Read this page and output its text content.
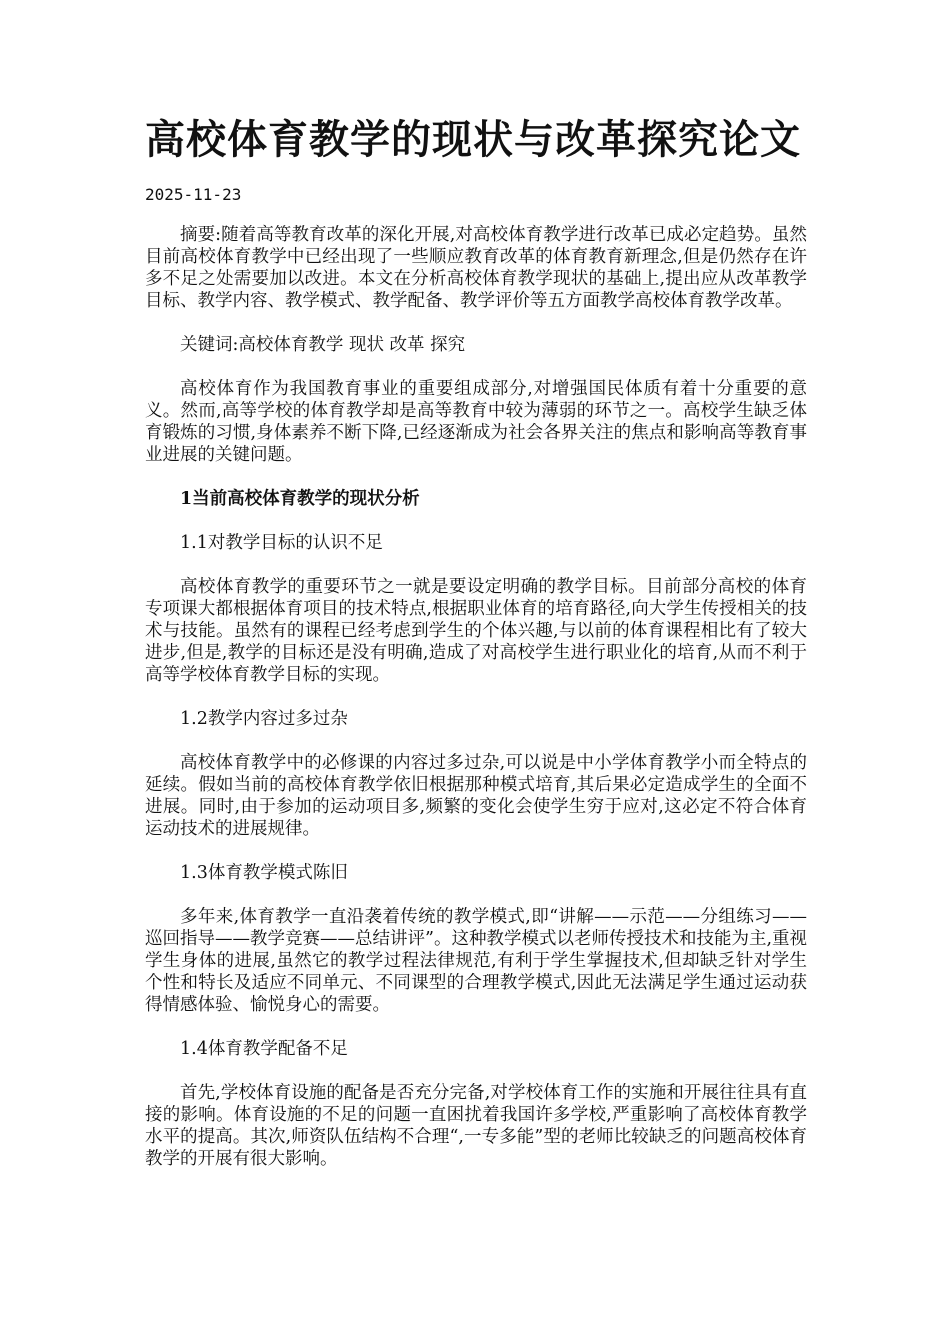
高校体育教学的现状与改革探究论文
2025-11-23

摘要:随着高等教育改革的深化开展,对高校体育教学进行改革已成必定趋势。虽然目前高校体育教学中已经出现了一些顺应教育改革的体育教育新理念,但是仍然存在许多不足之处需要加以改进。本文在分析高校体育教学现状的基础上,提出应从改革教学目标、教学内容、教学模式、教学配备、教学评价等五方面教学高校体育教学改革。

关键词:高校体育教学 现状 改革 探究

高校体育作为我国教育事业的重要组成部分,对增强国民体质有着十分重要的意义。然而,高等学校的体育教学却是高等教育中较为薄弱的环节之一。高校学生缺乏体育锻炼的习惯,身体素养不断下降,已经逐渐成为社会各界关注的焦点和影响高等教育事业进展的关键问题。

1当前高校体育教学的现状分析

1.1对教学目标的认识不足

高校体育教学的重要环节之一就是要设定明确的教学目标。目前部分高校的体育专项课大都根据体育项目的技术特点,根据职业体育的培育路径,向大学生传授相关的技术与技能。虽然有的课程已经考虑到学生的个体兴趣,与以前的体育课程相比有了较大进步,但是,教学的目标还是没有明确,造成了对高校学生进行职业化的培育,从而不利于高等学校体育教学目标的实现。

1.2教学内容过多过杂

高校体育教学中的必修课的内容过多过杂,可以说是中小学体育教学小而全特点的延续。假如当前的高校体育教学依旧根据那种模式培育,其后果必定造成学生的全面不进展。同时,由于参加的运动项目多,频繁的变化会使学生穷于应对,这必定不符合体育运动技术的进展规律。

1.3体育教学模式陈旧

多年来,体育教学一直沿袭着传统的教学模式,即“讲解——示范——分组练习——巡回指导——教学竞赛——总结讲评”。这种教学模式以老师传授技术和技能为主,重视学生身体的进展,虽然它的教学过程法律规范,有利于学生掌握技术,但却缺乏针对学生个性和特长及适应不同单元、不同课型的合理教学模式,因此无法满足学生通过运动获得情感体验、愉悦身心的需要。

1.4体育教学配备不足

首先,学校体育设施的配备是否充分完备,对学校体育工作的实施和开展往往具有直接的影响。体育设施的不足的问题一直困扰着我国许多学校,严重影响了高校体育教学水平的提高。其次,师资队伍结构不合理“,一专多能”型的老师比较缺乏的问题高校体育教学的开展有很大影响。
